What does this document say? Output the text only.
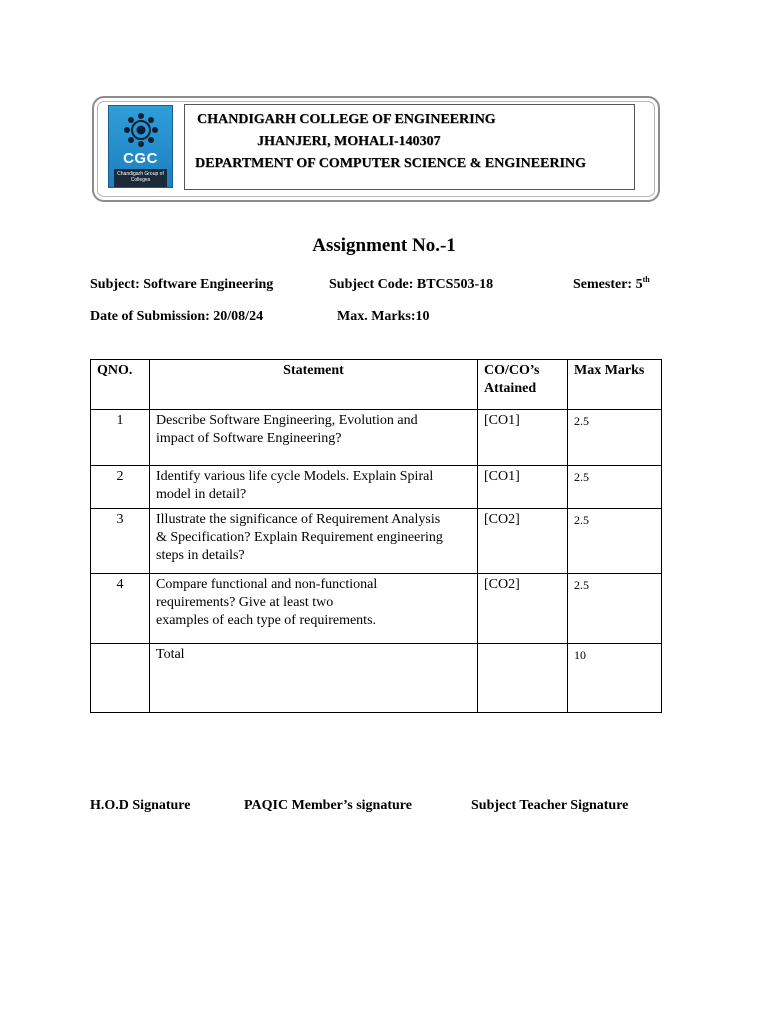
CGC
Chandigarh Group of Colleges
CHANDIGARH COLLEGE OF ENGINEERING
JHANJERI, MOHALI-140307
DEPARTMENT OF COMPUTER SCIENCE & ENGINEERING
Assignment No.-1
Subject: Software Engineering	Subject Code: BTCS503-18	Semester: 5th
Date of Submission: 20/08/24	Max. Marks:10
QNO.	Statement	CO/CO’s
Attained	Max Marks

1	Describe Software Engineering, Evolution and
impact of Software Engineering?	[CO1]	2.5

2	Identify various life cycle Models. Explain Spiral
model in detail?	[CO1]	2.5

3	Illustrate the significance of Requirement Analysis
& Specification? Explain Requirement engineering
steps in details?	[CO2]	2.5

4	Compare functional and non-functional
requirements? Give at least two
examples of each type of requirements.	[CO2]	2.5

	Total		10
H.O.D Signature	PAQIC Member’s signature	Subject Teacher Signature
